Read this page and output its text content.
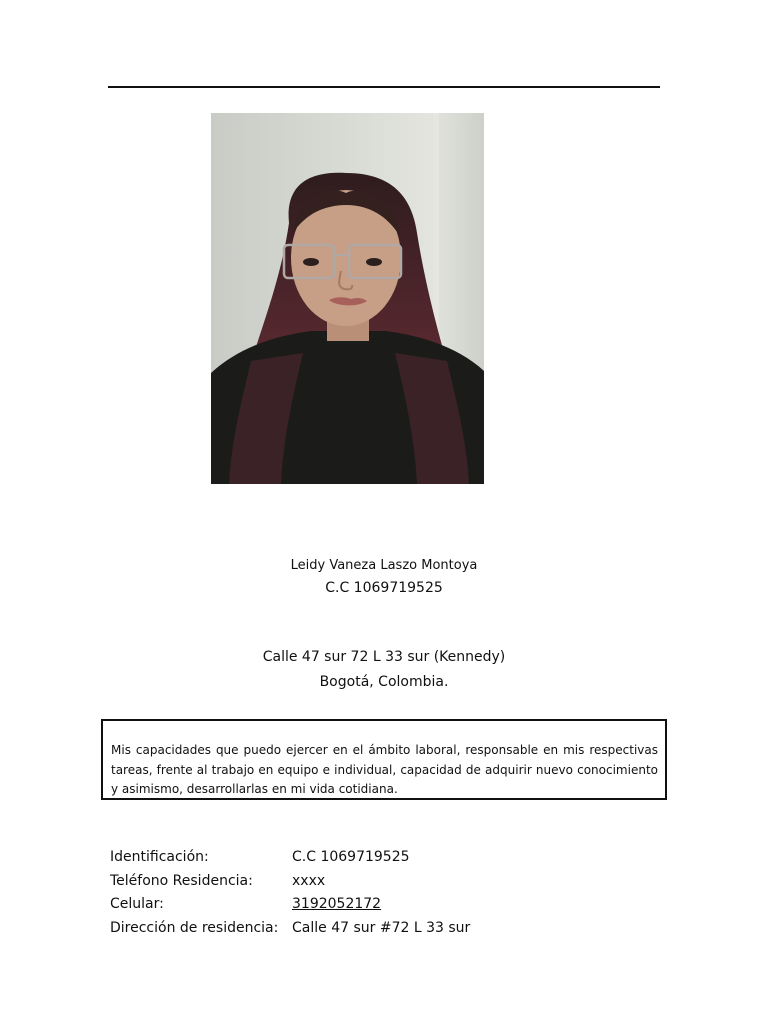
Leidy Vaneza Laszo Montoya
C.C 1069719525
Calle 47 sur 72 L 33 sur (Kennedy)
Bogotá, Colombia.

Mis capacidades que puedo ejercer en el ámbito laboral, responsable en mis respectivas tareas, frente al trabajo en equipo e individual, capacidad de adquirir nuevo conocimiento y asimismo, desarrollarlas en mi vida cotidiana.

Identificación:	C.C 1069719525
Teléfono Residencia:	xxxx
Celular:	3192052172
Dirección de residencia: Calle 47 sur #72 L 33 sur
